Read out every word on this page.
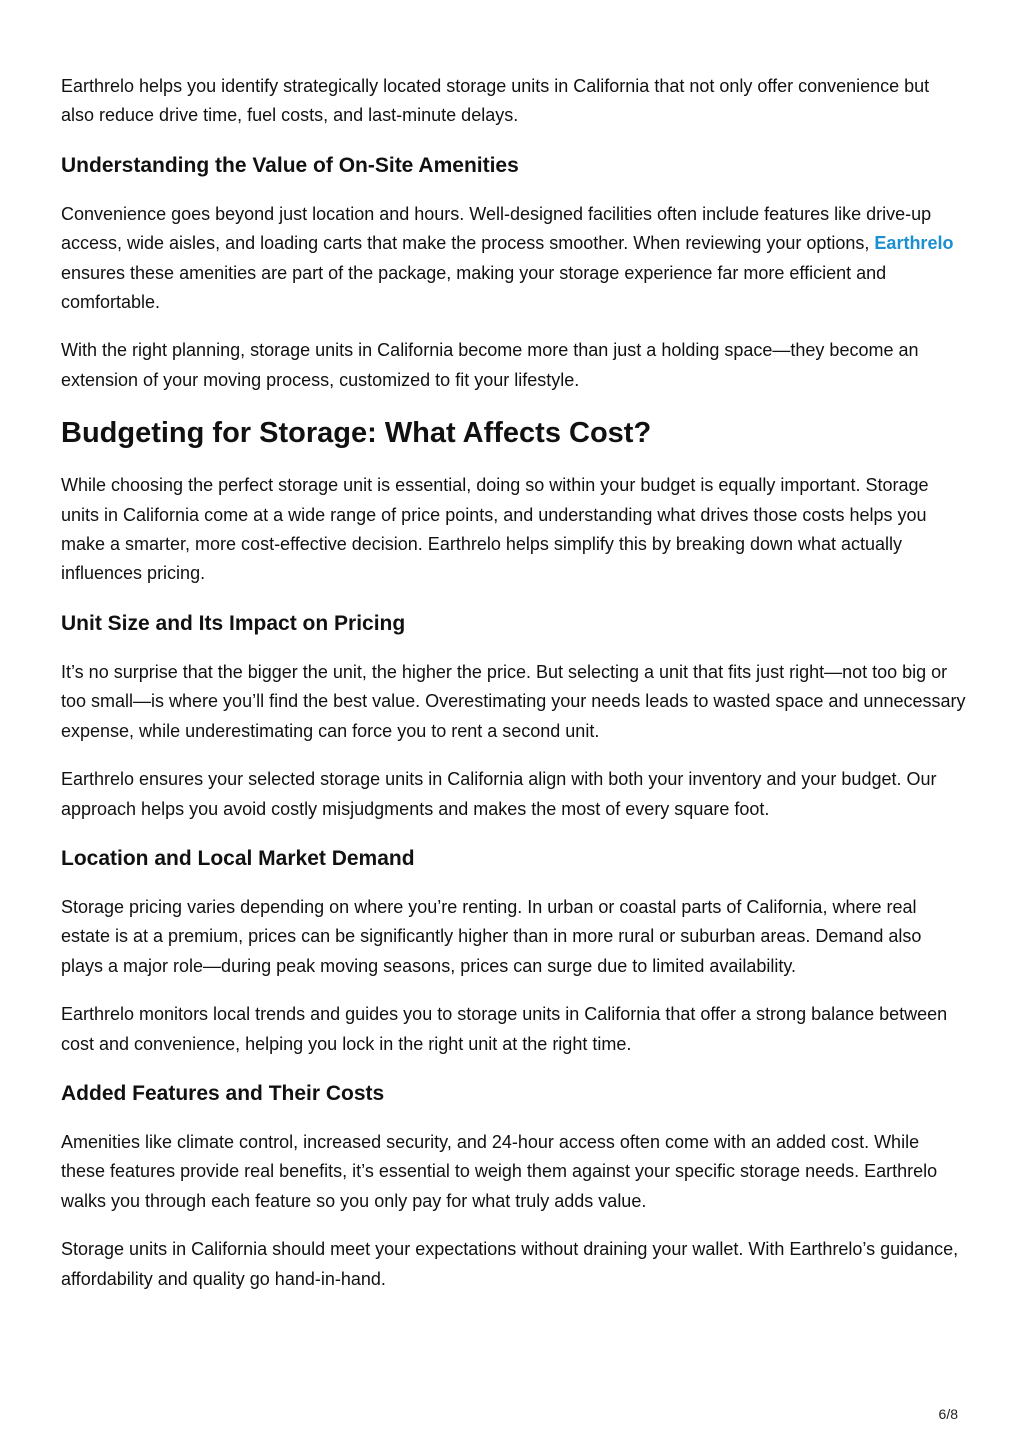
Earthrelo helps you identify strategically located storage units in California that not only offer convenience but also reduce drive time, fuel costs, and last-minute delays.

Understanding the Value of On-Site Amenities

Convenience goes beyond just location and hours. Well-designed facilities often include features like drive-up access, wide aisles, and loading carts that make the process smoother. When reviewing your options, Earthrelo ensures these amenities are part of the package, making your storage experience far more efficient and comfortable.

With the right planning, storage units in California become more than just a holding space—they become an extension of your moving process, customized to fit your lifestyle.

Budgeting for Storage: What Affects Cost?

While choosing the perfect storage unit is essential, doing so within your budget is equally important. Storage units in California come at a wide range of price points, and understanding what drives those costs helps you make a smarter, more cost-effective decision. Earthrelo helps simplify this by breaking down what actually influences pricing.

Unit Size and Its Impact on Pricing

It’s no surprise that the bigger the unit, the higher the price. But selecting a unit that fits just right—not too big or too small—is where you’ll find the best value. Overestimating your needs leads to wasted space and unnecessary expense, while underestimating can force you to rent a second unit.

Earthrelo ensures your selected storage units in California align with both your inventory and your budget. Our approach helps you avoid costly misjudgments and makes the most of every square foot.

Location and Local Market Demand

Storage pricing varies depending on where you’re renting. In urban or coastal parts of California, where real estate is at a premium, prices can be significantly higher than in more rural or suburban areas. Demand also plays a major role—during peak moving seasons, prices can surge due to limited availability.

Earthrelo monitors local trends and guides you to storage units in California that offer a strong balance between cost and convenience, helping you lock in the right unit at the right time.

Added Features and Their Costs

Amenities like climate control, increased security, and 24-hour access often come with an added cost. While these features provide real benefits, it’s essential to weigh them against your specific storage needs. Earthrelo walks you through each feature so you only pay for what truly adds value.

Storage units in California should meet your expectations without draining your wallet. With Earthrelo’s guidance, affordability and quality go hand-in-hand.

6/8
